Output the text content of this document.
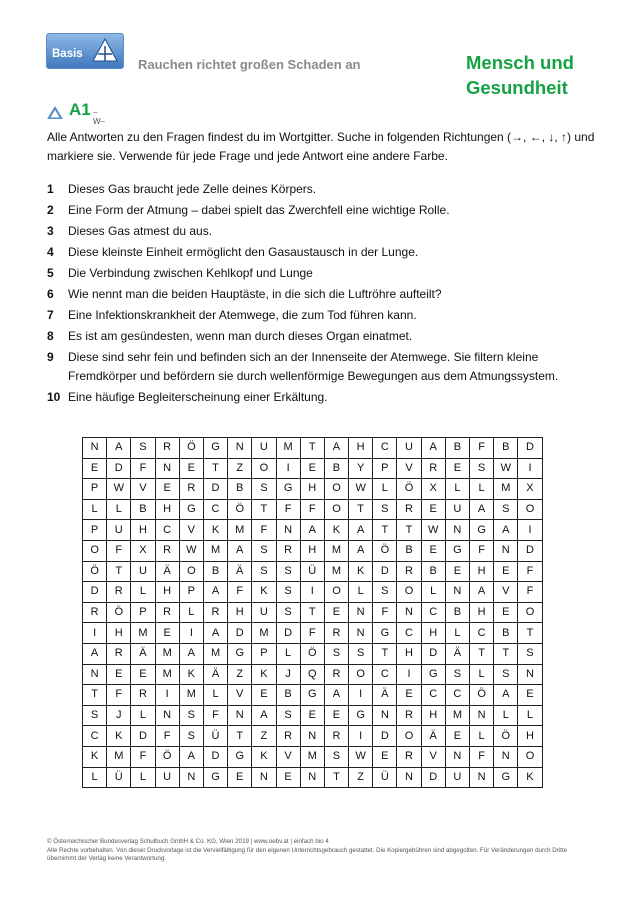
Basis
Rauchen richtet großen Schaden an	Mensch und
Gesundheit
A1 –W–
Alle Antworten zu den Fragen findest du im Wortgitter. Suche in folgenden Richtungen (→, ←, ↓, ↑) und markiere sie. Verwende für jede Frage und jede Antwort eine andere Farbe.
1 Dieses Gas braucht jede Zelle deines Körpers.
2 Eine Form der Atmung – dabei spielt das Zwerchfell eine wichtige Rolle.
3 Dieses Gas atmest du aus.
4 Diese kleinste Einheit ermöglicht den Gasaustausch in der Lunge.
5 Die Verbindung zwischen Kehlkopf und Lunge
6 Wie nennt man die beiden Hauptäste, in die sich die Luftröhre aufteilt?
7 Eine Infektionskrankheit der Atemwege, die zum Tod führen kann.
8 Es ist am gesündesten, wenn man durch dieses Organ einatmet.
9 Diese sind sehr fein und befinden sich an der Innenseite der Atemwege. Sie filtern kleine Fremdkörper und befördern sie durch wellenförmige Bewegungen aus dem Atmungssystem.
10 Eine häufige Begleiterscheinung einer Erkältung.
N	A	S	R	Ö	G	N	U	M	T	A	H	C	U	A	B	F	B	D
E	D	F	N	E	T	Z	O	I	E	B	Y	P	V	R	E	S	W	I
P	W	V	E	R	D	B	S	G	H	O	W	L	Ö	X	L	L	M	X
L	L	B	H	G	C	Ö	T	F	F	O	T	S	R	E	U	A	S	O
P	U	H	C	V	K	M	F	N	A	K	A	T	T	W	N	G	A	I
O	F	X	R	W	M	A	S	R	H	M	A	Ö	B	E	G	F	N	D
Ö	T	U	Ä	O	B	Ä	S	S	Ü	M	K	D	R	B	E	H	E	F
D	R	L	H	P	A	F	K	S	I	O	L	S	O	L	N	A	V	F
R	Ö	P	R	L	R	H	U	S	T	E	N	F	N	C	B	H	E	O
I	H	M	E	I	A	D	M	D	F	R	N	G	C	H	L	C	B	T
A	R	Ä	M	A	M	G	P	L	Ö	S	S	T	H	D	Ä	T	T	S
N	E	E	M	K	Ä	Z	K	J	Q	R	O	C	I	G	S	L	S	N
T	F	R	I	M	L	V	E	B	G	A	I	Ä	E	C	C	Ö	A	E
S	J	L	N	S	F	N	A	S	E	E	G	N	R	H	M	N	L	L
C	K	D	F	S	Ü	T	Z	R	N	R	I	D	O	Ä	E	L	Ö	H
K	M	F	Ö	A	D	G	K	V	M	S	W	E	R	V	N	F	N	O
L	Ü	L	U	N	G	E	N	E	N	T	Z	Ü	N	D	U	N	G	K
© Österreichischer Bundesverlag Schulbuch GmbH & Co. KG, Wien 2019 | www.oebv.at | einfach bio 4
Alle Rechte vorbehalten. Von dieser Druckvorlage ist die Vervielfältigung für den eigenen Unterrichtsgebrauch gestattet. Die Kopiergebühren sind abgegolten. Für Veränderungen durch Dritte übernimmt der Verlag keine Verantwortung.
